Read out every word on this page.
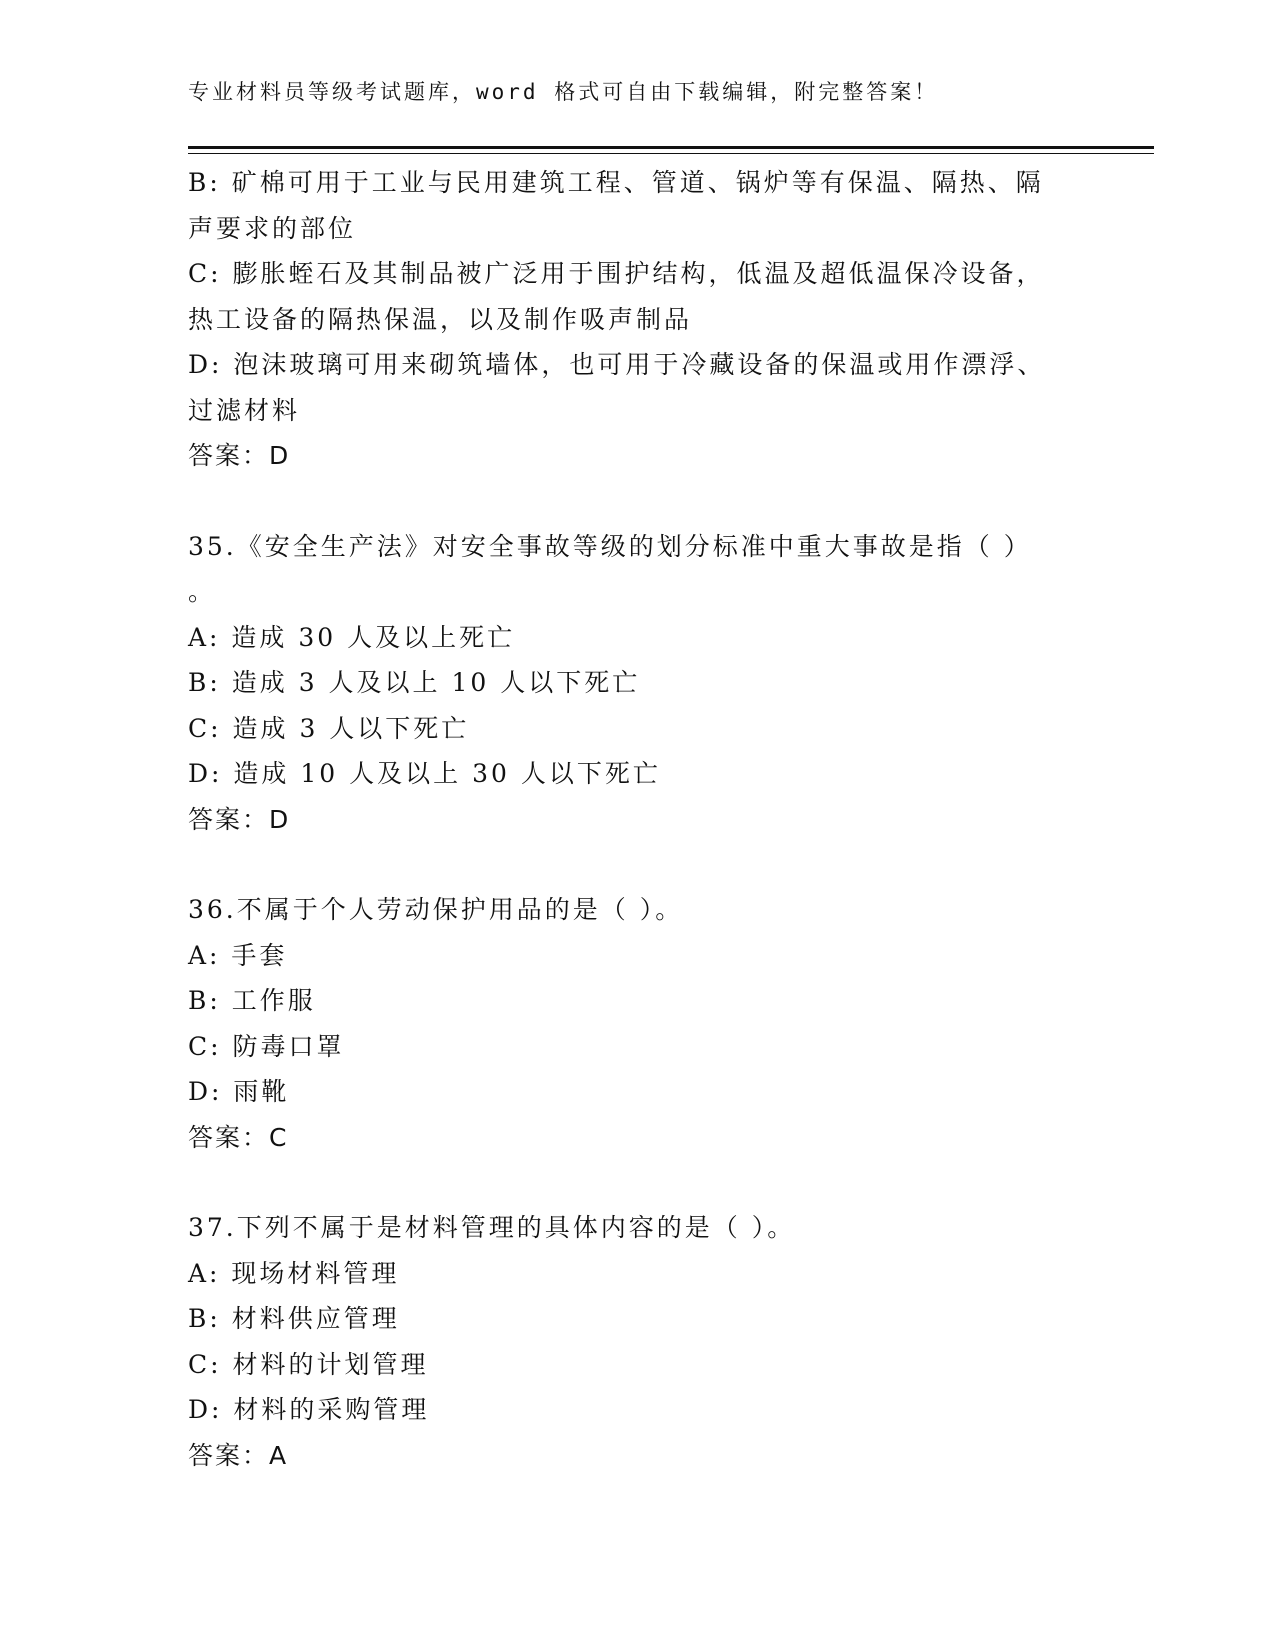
专业材料员等级考试题库，word 格式可自由下载编辑，附完整答案！
B: 矿棉可用于工业与民用建筑工程、管道、锅炉等有保温、隔热、隔
声要求的部位
C: 膨胀蛭石及其制品被广泛用于围护结构，低温及超低温保冷设备，
热工设备的隔热保温，以及制作吸声制品
D: 泡沫玻璃可用来砌筑墙体，也可用于冷藏设备的保温或用作漂浮、
过滤材料
答案：D
35.《安全生产法》对安全事故等级的划分标准中重大事故是指（ ）
。
A: 造成 30 人及以上死亡
B: 造成 3 人及以上 10 人以下死亡
C: 造成 3 人以下死亡
D: 造成 10 人及以上 30 人以下死亡
答案：D
36.不属于个人劳动保护用品的是（ ）。
A: 手套
B: 工作服
C: 防毒口罩
D: 雨靴
答案：C
37.下列不属于是材料管理的具体内容的是（ ）。
A: 现场材料管理
B: 材料供应管理
C: 材料的计划管理
D: 材料的采购管理
答案：A
